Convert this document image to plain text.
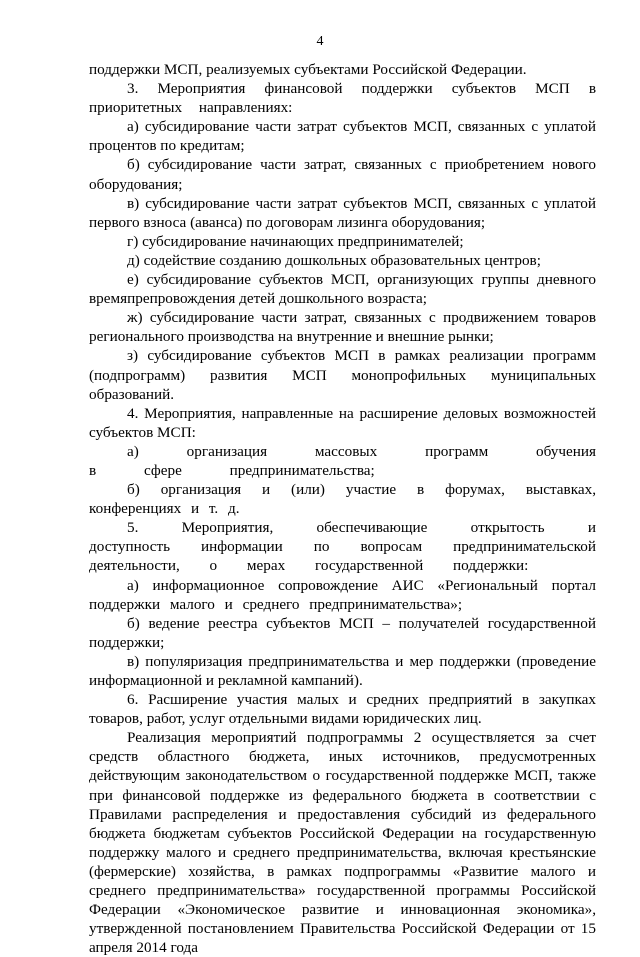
4

поддержки МСП, реализуемых субъектами Российской Федерации.

3. Мероприятия финансовой поддержки субъектов МСП в приоритетных направлениях:

а) субсидирование части затрат субъектов МСП, связанных с уплатой процентов по кредитам;

б) субсидирование части затрат, связанных с приобретением нового оборудования;

в) субсидирование части затрат субъектов МСП, связанных с уплатой первого взноса (аванса) по договорам лизинга оборудования;

г) субсидирование начинающих предпринимателей;

д) содействие созданию дошкольных образовательных центров;

е) субсидирование субъектов МСП, организующих группы дневного времяпрепровождения детей дошкольного возраста;

ж) субсидирование части затрат, связанных с продвижением товаров регионального производства на внутренние и внешние рынки;

з) субсидирование субъектов МСП в рамках реализации программ (подпрограмм) развития МСП монопрофильных муниципальных образований.

4. Мероприятия, направленные на расширение деловых возможностей субъектов МСП:

а) организация массовых программ обучения в сфере предпринимательства;

б) организация и (или) участие в форумах, выставках, конференциях и т. д.

5. Мероприятия, обеспечивающие открытость и доступность информации по вопросам предпринимательской деятельности, о мерах государственной поддержки:

а) информационное сопровождение АИС «Региональный портал поддержки малого и среднего предпринимательства»;

б) ведение реестра субъектов МСП – получателей государственной поддержки;

в) популяризация предпринимательства и мер поддержки (проведение информационной и рекламной кампаний).

6. Расширение участия малых и средних предприятий в закупках товаров, работ, услуг отдельными видами юридических лиц.

Реализация мероприятий подпрограммы 2 осуществляется за счет средств областного бюджета, иных источников, предусмотренных действующим законодательством о государственной поддержке МСП, также при финансовой поддержке из федерального бюджета в соответствии с Правилами распределения и предоставления субсидий из федерального бюджета бюджетам субъектов Российской Федерации на государственную поддержку малого и среднего предпринимательства, включая крестьянские (фермерские) хозяйства, в рамках подпрограммы «Развитие малого и среднего предпринимательства» государственной программы Российской Федерации «Экономическое развитие и инновационная экономика», утвержденной постановлением Правительства Российской Федерации от 15 апреля 2014 года
